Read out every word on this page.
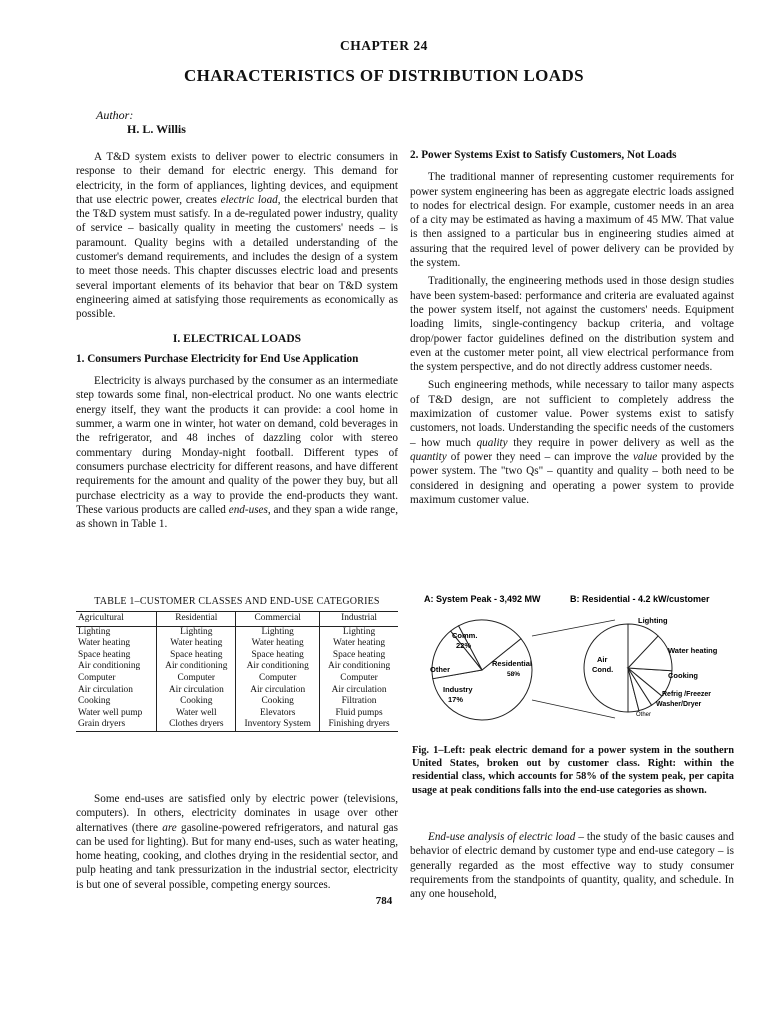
CHAPTER 24
CHARACTERISTICS OF DISTRIBUTION LOADS
Author:
H. L. Willis

A T&D system exists to deliver power to electric consumers in response to their demand for electric energy. This demand for electricity, in the form of appliances, lighting devices, and equipment that use electric power, creates electric load, the electrical burden that the T&D system must satisfy. In a de-regulated power industry, quality of service – basically quality in meeting the customers' needs – is paramount. Quality begins with a detailed understanding of the customer's demand requirements, and includes the design of a system to meet those needs. This chapter discusses electric load and presents several important elements of its behavior that bear on T&D system engineering aimed at satisfying those requirements as economically as possible.

I. ELECTRICAL LOADS
1. Consumers Purchase Electricity for End Use Application

Electricity is always purchased by the consumer as an intermediate step towards some final, non-electrical product. No one wants electric energy itself, they want the products it can provide: a cool home in summer, a warm one in winter, hot water on demand, cold beverages in the refrigerator, and 48 inches of dazzling color with stereo commentary during Monday-night football. Different types of consumers purchase electricity for different reasons, and have different requirements for the amount and quality of the power they buy, but all purchase electricity as a way to provide the end-products they want. These various products are called end-uses, and they span a wide range, as shown in Table 1.

TABLE 1–CUSTOMER CLASSES AND END-USE CATEGORIES
Agricultural	Residential	Commercial	Industrial
Lighting	Lighting	Lighting	Lighting
Water heating	Water heating	Water heating	Water heating
Space heating	Space heating	Space heating	Space heating
Air conditioning	Air conditioning	Air conditioning	Air conditioning
Computer	Computer	Computer	Computer
Air circulation	Air circulation	Air circulation	Air circulation
Cooking	Cooking	Cooking	Filtration
Water well pump	Water well	Elevators	Fluid pumps
Grain dryers	Clothes dryers	Inventory System	Finishing dryers

Some end-uses are satisfied only by electric power (televisions, computers). In others, electricity dominates in usage over other alternatives (there are gasoline-powered refrigerators, and natural gas can be used for lighting). But for many end-uses, such as water heating, home heating, cooking, and clothes drying in the residential sector, and pulp heating and tank pressurization in the industrial sector, electricity is but one of several possible, competing energy sources.

2. Power Systems Exist to Satisfy Customers, Not Loads

The traditional manner of representing customer requirements for power system engineering has been as aggregate electric loads assigned to nodes for electrical design. For example, customer needs in an area of a city may be estimated as having a maximum of 45 MW. That value is then assigned to a particular bus in engineering studies aimed at assuring that the required level of power delivery can be provided by the system.

Traditionally, the engineering methods used in those design studies have been system-based: performance and criteria are evaluated against the power system itself, not against the customers' needs. Equipment loading limits, single-contingency backup criteria, and voltage drop/power factor guidelines defined on the distribution system and even at the customer meter point, all view electrical performance from the system perspective, and do not directly address customer needs.

Such engineering methods, while necessary to tailor many aspects of T&D design, are not sufficient to completely address the maximization of customer value. Power systems exist to satisfy customers, not loads. Understanding the specific needs of the customers – how much quality they require in power delivery as well as the quantity of power they need – can improve the value provided by the power system. The "two Qs" – quantity and quality – both need to be considered in designing and operating a power system to provide maximum customer value.

A: System Peak - 3,492 MW	B: Residential - 4.2 kW/customer
Comm.
22%
Residential
58%
Other
Industry
17%
Air
Cond.
Lighting
Water heating
Cooking
Refrig /Freezer
Washer/Dryer
Other
Fig. 1–Left: peak electric demand for a power system in the southern United States, broken out by customer class. Right: within the residential class, which accounts for 58% of the system peak, per capita usage at peak conditions falls into the end-use categories as shown.

End-use analysis of electric load – the study of the basic causes and behavior of electric demand by customer type and end-use category – is generally regarded as the most effective way to study consumer requirements from the standpoints of quantity, quality, and schedule. In any one household,

784
